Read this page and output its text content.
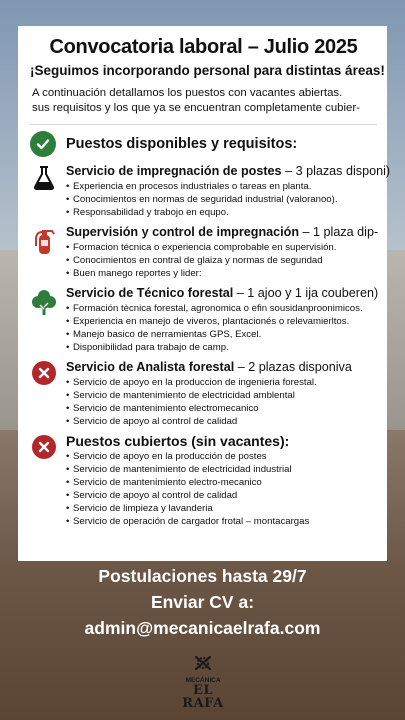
Convocatoria laboral – Julio 2025
¡Seguimos incorporando personal para distintas áreas!
A continuación detallamos los puestos con vacantes abiertas.
sus requisitos y los que ya se encuentran completamente cubier-
Puestos disponibles y requisitos:
Servicio de impregnación de postes – 3 plazas disponi)
• Experiencia en procesos industriales o tareas en planta.
• Conocimientos en normas de seguridad industrial (valoranoo).
• Responsabilidad y trabojo en equpo.
Supervisión y control de impregnación – 1 plaza dip-
• Formacion técnica o experiencia comprobable en supervisión.
• Conocimientos en contral de glaiza y normas de segundad
• Buen manego reportes y lider:
Servicio de Técnico forestal – 1 ajoo y 1 ija couberen)
• Formación tècnica forestal, agronomica o efin sousidanproonimicos.
• Experiencia en manejo de viveros, plantacionés o relevamierltos.
• Manejo basico de nerramientas GPS, Excel.
• Disponibilidad para trabajo de camp.
Servicio de Analista forestal – 2 plazas disponiva
• Servicio de apoyo en la produccion de ingenieria forestal.
• Servicio de mantenimiento de electricidad amblental
• Servicio de mantenimiento electromecanico
• Servicio de apoyo al control de calidad
Puestos cubiertos (sin vacantes):
• Servicio de apoyo en la producción de postes
• Servicio de mantenimiento de electricidad industrial
• Servicio de mantenimiento electro-mecanico
• Servicio de apoyo al control de calidad
• Servicio de limpieza y lavanderia
• Servicio de operación de cargador frotal – montacargas
Postulaciones hasta 29/7
Enviar CV a:
admin@mecanicaelrafa.com
MECÁNICA
EL RAFA
